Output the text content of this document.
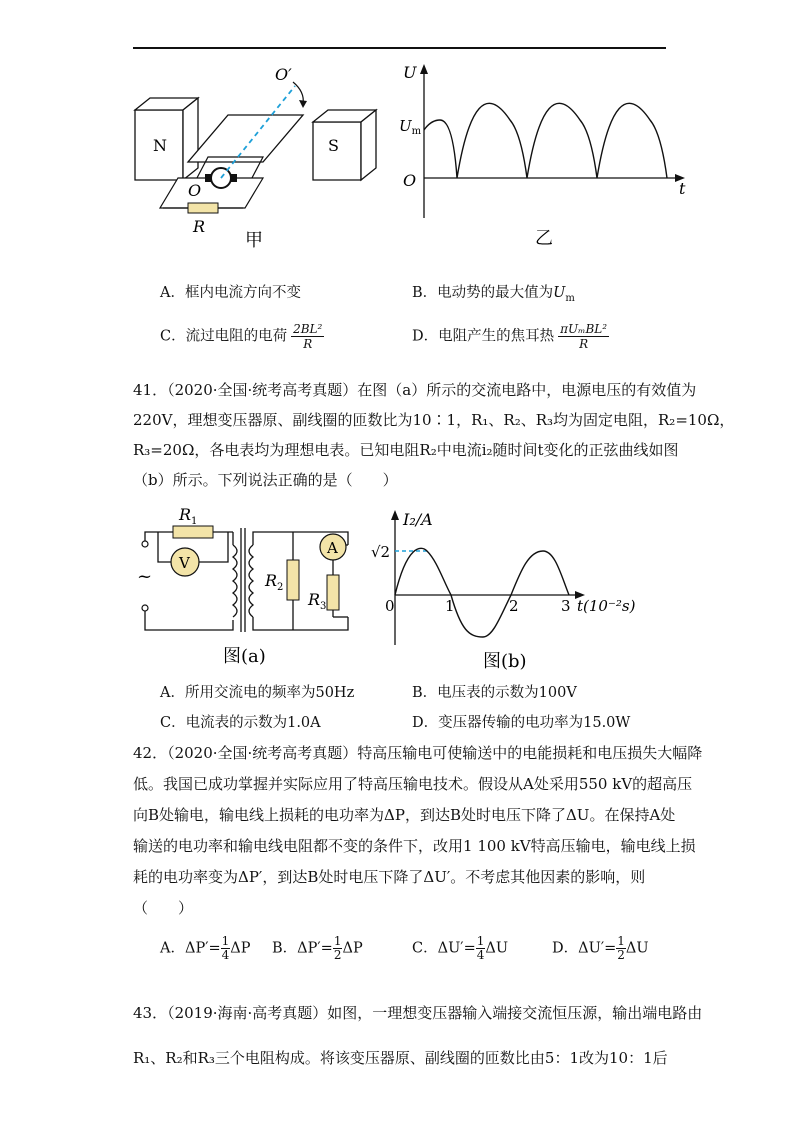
N	S
O′
O
R
甲
U
$U_m$
O	t
乙
A．框内电流方向不变	B．电动势的最大值为$U_m$
C．流过电阻的电荷 $\frac{\text{2BL²}}{R}$	D．电阻产生的焦耳热 $\frac{\text{πUₘBL²}}{R}$
41．（2020·全国·统考高考真题）在图（a）所示的交流电路中，电源电压的有效值为
220V，理想变压器原、副线圈的匝数比为10∶1，R₁、R₂、R₃均为固定电阻，R₂=10Ω，
R₃=20Ω，各电表均为理想电表。已知电阻R₂中电流i₂随时间t变化的正弦曲线如图
（b）所示。下列说法正确的是（　　）
$R_1$
V
~	$R_2$
A
$R_3$
图(a)
I₂/A
√2
0	1	2	3 t(10⁻²s)
图(b)
A．所用交流电的频率为50Hz	B．电压表的示数为100V
C．电流表的示数为1.0A	D．变压器传输的电功率为15.0W
42．（2020·全国·统考高考真题）特高压输电可使输送中的电能损耗和电压损失大幅降
低。我国已成功掌握并实际应用了特高压输电技术。假设从A处采用550 kV的超高压
向B处输电，输电线上损耗的电功率为ΔP，到达B处时电压下降了ΔU。在保持A处
输送的电功率和输电线电阻都不变的条件下，改用1 100 kV特高压输电，输电线上损
耗的电功率变为ΔP′，到达B处时电压下降了ΔU′。不考虑其他因素的影响，则
（　　）
A．$\Delta P'= \frac{1}{4}$ ΔP B．$\Delta P'= \frac{1}{2}$ ΔP	C．$\Delta U'= \frac{1}{4}$ ΔU	D．$\Delta U'= \frac{1}{2}$ ΔU
43．（2019·海南·高考真题）如图，一理想变压器输入端接交流恒压源，输出端电路由
R₁、R₂和R₃三个电阻构成。将该变压器原、副线圈的匝数比由5：1改为10：1后
